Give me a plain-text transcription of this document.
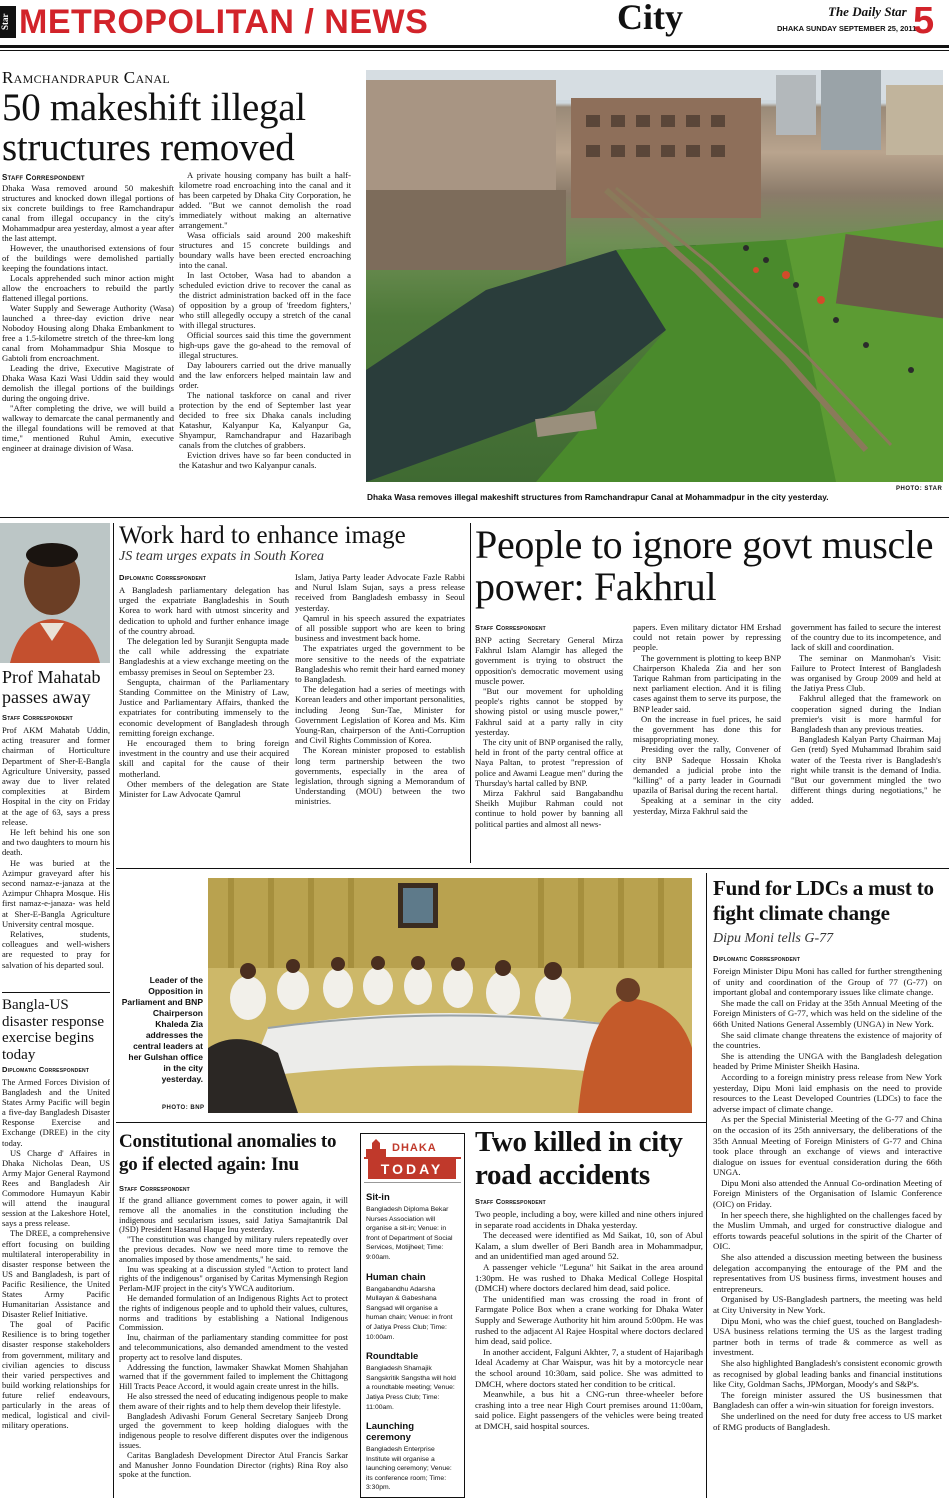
Star METROPOLITAN / NEWS	City	The Daily Star
DHAKA SUNDAY SEPTEMBER 25, 2011
5
Ramchandrapur Canal
50 makeshift illegal structures removed
Staff Correspondent

Dhaka Wasa removed around 50 makeshift structures and knocked down illegal portions of six concrete buildings to free Ramchandrapur canal from illegal occupancy in the city's Mohammadpur area yesterday, almost a year after the last attempt.

However, the unauthorised extensions of four of the buildings were demolished partially keeping the foundations intact.

Locals apprehended such minor action might allow the encroachers to rebuild the partly flattened illegal portions.

Water Supply and Sewerage Authority (Wasa) launched a three-day eviction drive near Nobodoy Housing along Dhaka Embankment to free a 1.5-kilometre stretch of the three-km long canal from Mohammadpur Shia Mosque to Gabtoli from encroachment.

Leading the drive, Executive Magistrate of Dhaka Wasa Kazi Wasi Uddin said they would demolish the illegal portions of the buildings during the ongoing drive.

"After completing the drive, we will build a walkway to demarcate the canal permanently and the illegal foundations will be removed at that time," mentioned Ruhul Amin, executive engineer at drainage division of Wasa.

A private housing company has built a half-kilometre road encroaching into the canal and it has been carpeted by Dhaka City Corporation, he added. "But we cannot demolish the road immediately without making an alternative arrangement."

Wasa officials said around 200 makeshift structures and 15 concrete buildings and boundary walls have been erected encroaching into the canal.

In last October, Wasa had to abandon a scheduled eviction drive to recover the canal as the district administration backed off in the face of opposition by a group of 'freedom fighters,' who still allegedly occupy a stretch of the canal with illegal structures.

Official sources said this time the government high-ups gave the go-ahead to the removal of illegal structures.

Day labourers carried out the drive manually and the law enforcers helped maintain law and order.

The national taskforce on canal and river protection by the end of September last year decided to free six Dhaka canals including Katashur, Kalyanpur Ka, Kalyanpur Ga, Shyampur, Ramchandrapur and Hazaribagh canals from the clutches of grabbers.

Eviction drives have so far been conducted in the Katashur and two Kalyanpur canals.

Dhaka Wasa removes illegal makeshift structures from Ramchandrapur Canal at Mohammadpur in the city yesterday.
PHOTO: STAR
Prof Mahatab passes away
Staff Correspondent

Prof AKM Mahatab Uddin, acting treasurer and former chairman of Horticulture Department of Sher-E-Bangla Agriculture University, passed away due to liver related complexities at Birdem Hospital in the city on Friday at the age of 63, says a press release.

He left behind his one son and two daughters to mourn his death.

He was buried at the Azimpur graveyard after his second namaz-e-janaza at the Azimpur Chhapra Mosque. His first namaz-e-janaza- was held at Sher-E-Bangla Agriculture University central mosque.

Relatives, students, colleagues and well-wishers are requested to pray for salvation of his departed soul.

Bangla-US disaster response exercise begins today
Diplomatic Correspondent

The Armed Forces Division of Bangladesh and the United States Army Pacific will begin a five-day Bangladesh Disaster Response Exercise and Exchange (DREE) in the city today.

US Charge d' Affaires in Dhaka Nicholas Dean, US Army Major General Raymond Rees and Bangladesh Air Commodore Humayun Kabir will attend the inaugural session at the Lakeshore Hotel, says a press release.

The DREE, a comprehensive effort focusing on building multilateral interoperability in disaster response between the US and Bangladesh, is part of Pacific Resilience, the United States Army Pacific Humanitarian Assistance and Disaster Relief Initiative.

The goal of Pacific Resilience is to bring together disaster response stakeholders from government, military and civilian agencies to discuss their varied perspectives and build working relationships for future relief endeavours, particularly in the areas of medical, logistical and civil-military operations.

Work hard to enhance image
JS team urges expats in South Korea
Diplomatic Correspondent

A Bangladesh parliamentary delegation has urged the expatriate Bangladeshis in South Korea to work hard with utmost sincerity and dedication to uphold and further enhance image of the country abroad.

The delegation led by Suranjit Sengupta made the call while addressing the expatriate Bangladeshis at a view exchange meeting on the embassy premises in Seoul on September 23.

Sengupta, chairman of the Parliamentary Standing Committee on the Ministry of Law, Justice and Parliamentary Affairs, thanked the expatriates for contributing immensely to the economic development of Bangladesh through remitting foreign exchange.

He encouraged them to bring foreign investment in the country and use their acquired skill and capital for the cause of their motherland.

Other members of the delegation are State Minister for Law Advocate Qamrul

Islam, Jatiya Party leader Advocate Fazle Rabbi and Nurul Islam Sujan, says a press release received from Bangladesh embassy in Seoul yesterday.

Qamrul in his speech assured the expatriates of all possible support who are keen to bring business and investment back home.

The expatriates urged the government to be more sensitive to the needs of the expatriate Bangladeshis who remit their hard earned money to Bangladesh.

The delegation had a series of meetings with Korean leaders and other important personalities, including Jeong Sun-Tae, Minister for Government Legislation of Korea and Ms. Kim Young-Ran, chairperson of the Anti-Corruption and Civil Rights Commission of Korea.

The Korean minister proposed to establish long term partnership between the two governments, especially in the area of legislation, through signing a Memorandum of Understanding (MOU) between the two ministries.

People to ignore govt muscle power: Fakhrul
Staff Correspondent

BNP acting Secretary General Mirza Fakhrul Islam Alamgir has alleged the government is trying to obstruct the opposition's democratic movement using muscle power.

"But our movement for upholding people's rights cannot be stopped by showing pistol or using muscle power," Fakhrul said at a party rally in city yesterday.

The city unit of BNP organised the rally, held in front of the party central office at Naya Paltan, to protest "repression of police and Awami League men" during the Thursday's hartal called by BNP.

Mirza Fakhrul said Bangabandhu Sheikh Mujibur Rahman could not continue to hold power by banning all political parties and almost all news-

papers. Even military dictator HM Ershad could not retain power by repressing people.

The government is plotting to keep BNP Chairperson Khaleda Zia and her son Tarique Rahman from participating in the next parliament election. And it is filing cases against them to serve its purpose, the BNP leader said.

On the increase in fuel prices, he said the government has done this for misappropriating money.

Presiding over the rally, Convener of city BNP Sadeque Hossain Khoka demanded a judicial probe into the "killing" of a party leader in Gournadi upazila of Barisal during the recent hartal.

Speaking at a seminar in the city yesterday, Mirza Fakhrul said the

government has failed to secure the interest of the country due to its incompetence, and lack of skill and coordination.

The seminar on Manmohan's Visit: Failure to Protect Interest of Bangladesh was organised by Group 2009 and held at the Jatiya Press Club.

Fakhrul alleged that the framework on cooperation signed during the Indian premier's visit is more harmful for Bangladesh than any previous treaties.

Bangladesh Kalyan Party Chairman Maj Gen (retd) Syed Muhammad Ibrahim said water of the Teesta river is Bangladesh's right while transit is the demand of India. "But our government mingled the two different things during negotiations," he added.

Leader of the Opposition in Parliament and BNP Chairperson Khaleda Zia addresses the central leaders at her Gulshan office in the city yesterday.
PHOTO: BNP
Fund for LDCs a must to fight climate change
Dipu Moni tells G-77
Diplomatic Correspondent

Foreign Minister Dipu Moni has called for further strengthening of unity and coordination of the Group of 77 (G-77) on important global and contemporary issues like climate change.

She made the call on Friday at the 35th Annual Meeting of the Foreign Ministers of G-77, which was held on the sideline of the 66th United Nations General Assembly (UNGA) in New York.

She said climate change threatens the existence of majority of the countries.

She is attending the UNGA with the Bangladesh delegation headed by Prime Minister Sheikh Hasina.

According to a foreign ministry press release from New York yesterday, Dipu Moni laid emphasis on the need to provide resources to the Least Developed Countries (LDCs) to face the adverse impact of climate change.

As per the Special Ministerial Meeting of the G-77 and China on the occasion of its 25th anniversary, the deliberations of the 35th Annual Meeting of Foreign Ministers of G-77 and China took place through an exchange of views and interactive dialogue on issues for eventual consideration during the 66th UNGA.

Dipu Moni also attended the Annual Co-ordination Meeting of Foreign Ministers of the Organisation of Islamic Conference (OIC) on Friday.

In her speech there, she highlighted on the challenges faced by the Muslim Ummah, and urged for constructive dialogue and efforts towards peaceful solutions in the spirit of the Charter of OIC.

She also attended a discussion meeting between the business delegation accompanying the entourage of the PM and the representatives from US business firms, investment houses and entrepreneurs.

Organised by US-Bangladesh partners, the meeting was held at City University in New York.

Dipu Moni, who was the chief guest, touched on Bangladesh-USA business relations terming the US as the largest trading partner both in terms of trade & commerce as well as investment.

She also highlighted Bangladesh's consistent economic growth as recognised by global leading banks and financial institutions like City, Goldman Sachs, JPMorgan, Moody's and S&P's.

The foreign minister assured the US businessmen that Bangladesh can offer a win-win situation for foreign investors.

She underlined on the need for duty free access to US market of RMG products of Bangladesh.

Constitutional anomalies to go if elected again: Inu
Staff Correspondent

If the grand alliance government comes to power again, it will remove all the anomalies in the constitution including the indigenous and secularism issues, said Jatiya Samajtantrik Dal (JSD) President Hasanul Haque Inu yesterday.

"The constitution was changed by military rulers repeatedly over the previous decades. Now we need more time to remove the anomalies imposed by those amendments," he said.

Inu was speaking at a discussion styled "Action to protect land rights of the indigenous" organised by Caritas Mymensingh Region Perlam-MJF project in the city's YWCA auditorium.

He demanded formulation of an Indigenous Rights Act to protect the rights of indigenous people and to uphold their values, cultures, norms and traditions by establishing a National Indigenous Commission.

Inu, chairman of the parliamentary standing committee for post and telecommunications, also demanded amendment to the vested property act to resolve land disputes.

Addressing the function, lawmaker Shawkat Momen Shahjahan warned that if the government failed to implement the Chittagong Hill Tracts Peace Accord, it would again create unrest in the hills.

He also stressed the need of educating indigenous people to make them aware of their rights and to help them develop their lifestyle.

Bangladesh Adivashi Forum General Secretary Sanjeeb Drong urged the government to keep holding dialogues with the indigenous people to resolve different disputes over the indigenous issues.

Caritas Bangladesh Development Director Atul Francis Sarkar and Manusher Jonno Foundation Director (rights) Rina Roy also spoke at the function.

DHAKA
TODAY
Sit-in
Bangladesh Diploma Bekar Nurses Association will organise a sit-in; Venue: in front of Department of Social Services, Motijheel; Time: 9:00am.
Human chain
Bangabandhu Adarsha Mullayan & Gabeshana Sangsad will organise a human chain; Venue: in front of Jatiya Press Club; Time: 10:00am.
Roundtable
Bangladesh Shamajik Sangskritik Sangstha will hold a roundtable meeting; Venue: Jatiya Press Club; Time: 11:00am.
Launching ceremony
Bangladesh Enterprise Institute will organise a launching ceremony; Venue: its conference room; Time: 3:30pm.
Two killed in city road accidents
Staff Correspondent

Two people, including a boy, were killed and nine others injured in separate road accidents in Dhaka yesterday.

The deceased were identified as Md Saikat, 10, son of Abul Kalam, a slum dweller of Beri Bandh area in Mohammadpur, and an unidentified man aged around 52.

A passenger vehicle "Leguna" hit Saikat in the area around 1:30pm. He was rushed to Dhaka Medical College Hospital (DMCH) where doctors declared him dead, said police.

The unidentified man was crossing the road in front of Farmgate Police Box when a crane working for Dhaka Water Supply and Sewerage Authority hit him around 5:00pm. He was rushed to the adjacent Al Rajee Hospital where doctors declared him dead, said police.

In another accident, Falguni Akhter, 7, a student of Hajaribagh Ideal Academy at Char Waispur, was hit by a motorcycle near the school around 10:30am, said police. She was admitted to DMCH, where doctors stated her condition to be critical.

Meanwhile, a bus hit a CNG-run three-wheeler before crashing into a tree near High Court premises around 11:00am, said police. Eight passengers of the vehicles were being treated at DMCH, said hospital sources.
